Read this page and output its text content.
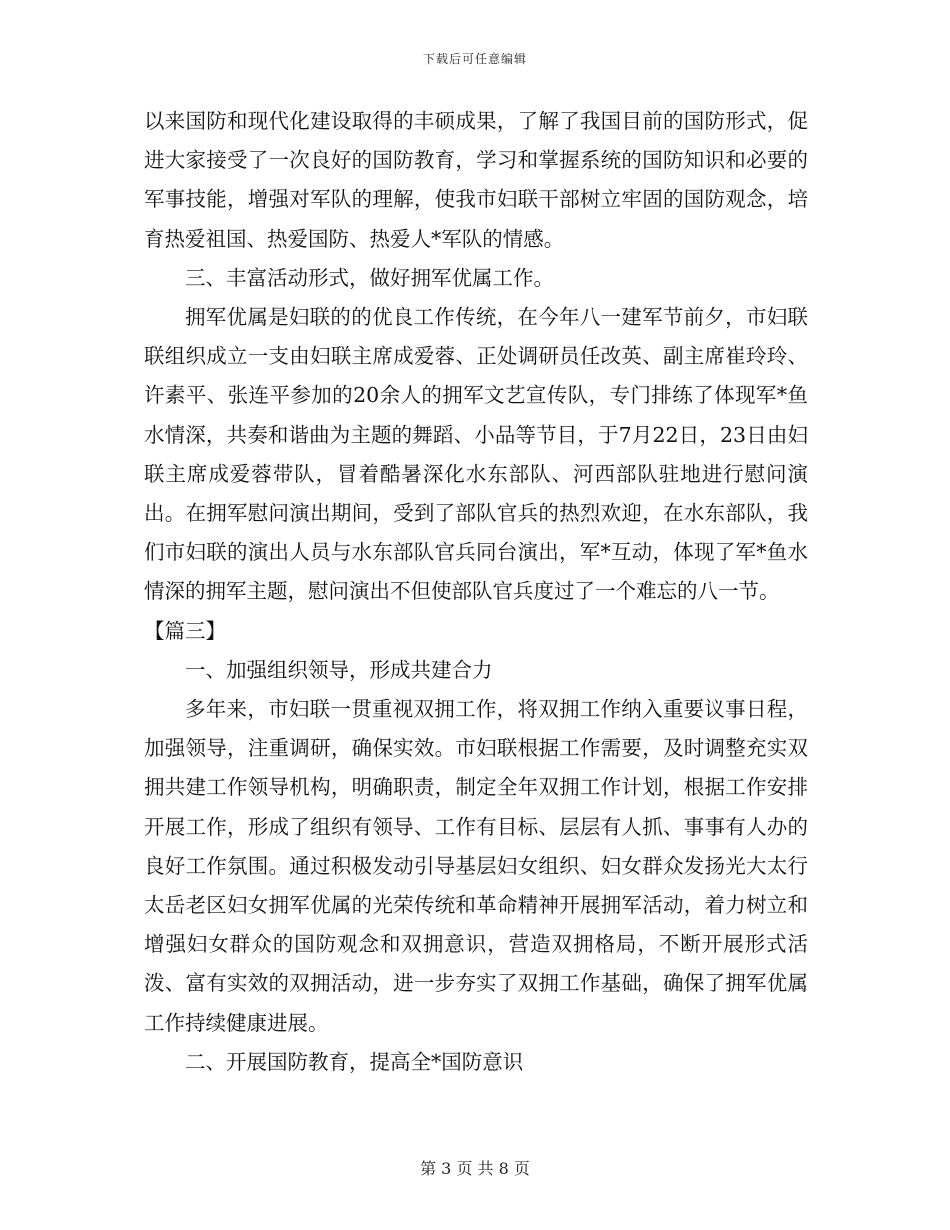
下载后可任意编辑

以来国防和现代化建设取得的丰硕成果，了解了我国目前的国防形式，促进大家接受了一次良好的国防教育，学习和掌握系统的国防知识和必要的军事技能，增强对军队的理解，使我市妇联干部树立牢固的国防观念，培育热爱祖国、热爱国防、热爱人*军队的情感。

三、丰富活动形式，做好拥军优属工作。

拥军优属是妇联的的优良工作传统，在今年八一建军节前夕，市妇联联组织成立一支由妇联主席成爱蓉、正处调研员任改英、副主席崔玲玲、许素平、张连平参加的20余人的拥军文艺宣传队，专门排练了体现军*鱼水情深，共奏和谐曲为主题的舞蹈、小品等节目，于7月22日，23日由妇联主席成爱蓉带队，冒着酷暑深化水东部队、河西部队驻地进行慰问演出。在拥军慰问演出期间，受到了部队官兵的热烈欢迎，在水东部队，我们市妇联的演出人员与水东部队官兵同台演出，军*互动，体现了军*鱼水情深的拥军主题，慰问演出不但使部队官兵度过了一个难忘的八一节。

【篇三】

一、加强组织领导，形成共建合力

多年来，市妇联一贯重视双拥工作，将双拥工作纳入重要议事日程，加强领导，注重调研，确保实效。市妇联根据工作需要，及时调整充实双拥共建工作领导机构，明确职责，制定全年双拥工作计划，根据工作安排开展工作，形成了组织有领导、工作有目标、层层有人抓、事事有人办的良好工作氛围。通过积极发动引导基层妇女组织、妇女群众发扬光大太行太岳老区妇女拥军优属的光荣传统和革命精神开展拥军活动，着力树立和增强妇女群众的国防观念和双拥意识，营造双拥格局，不断开展形式活泼、富有实效的双拥活动，进一步夯实了双拥工作基础，确保了拥军优属工作持续健康进展。

二、开展国防教育，提高全*国防意识

第 3 页 共 8 页
